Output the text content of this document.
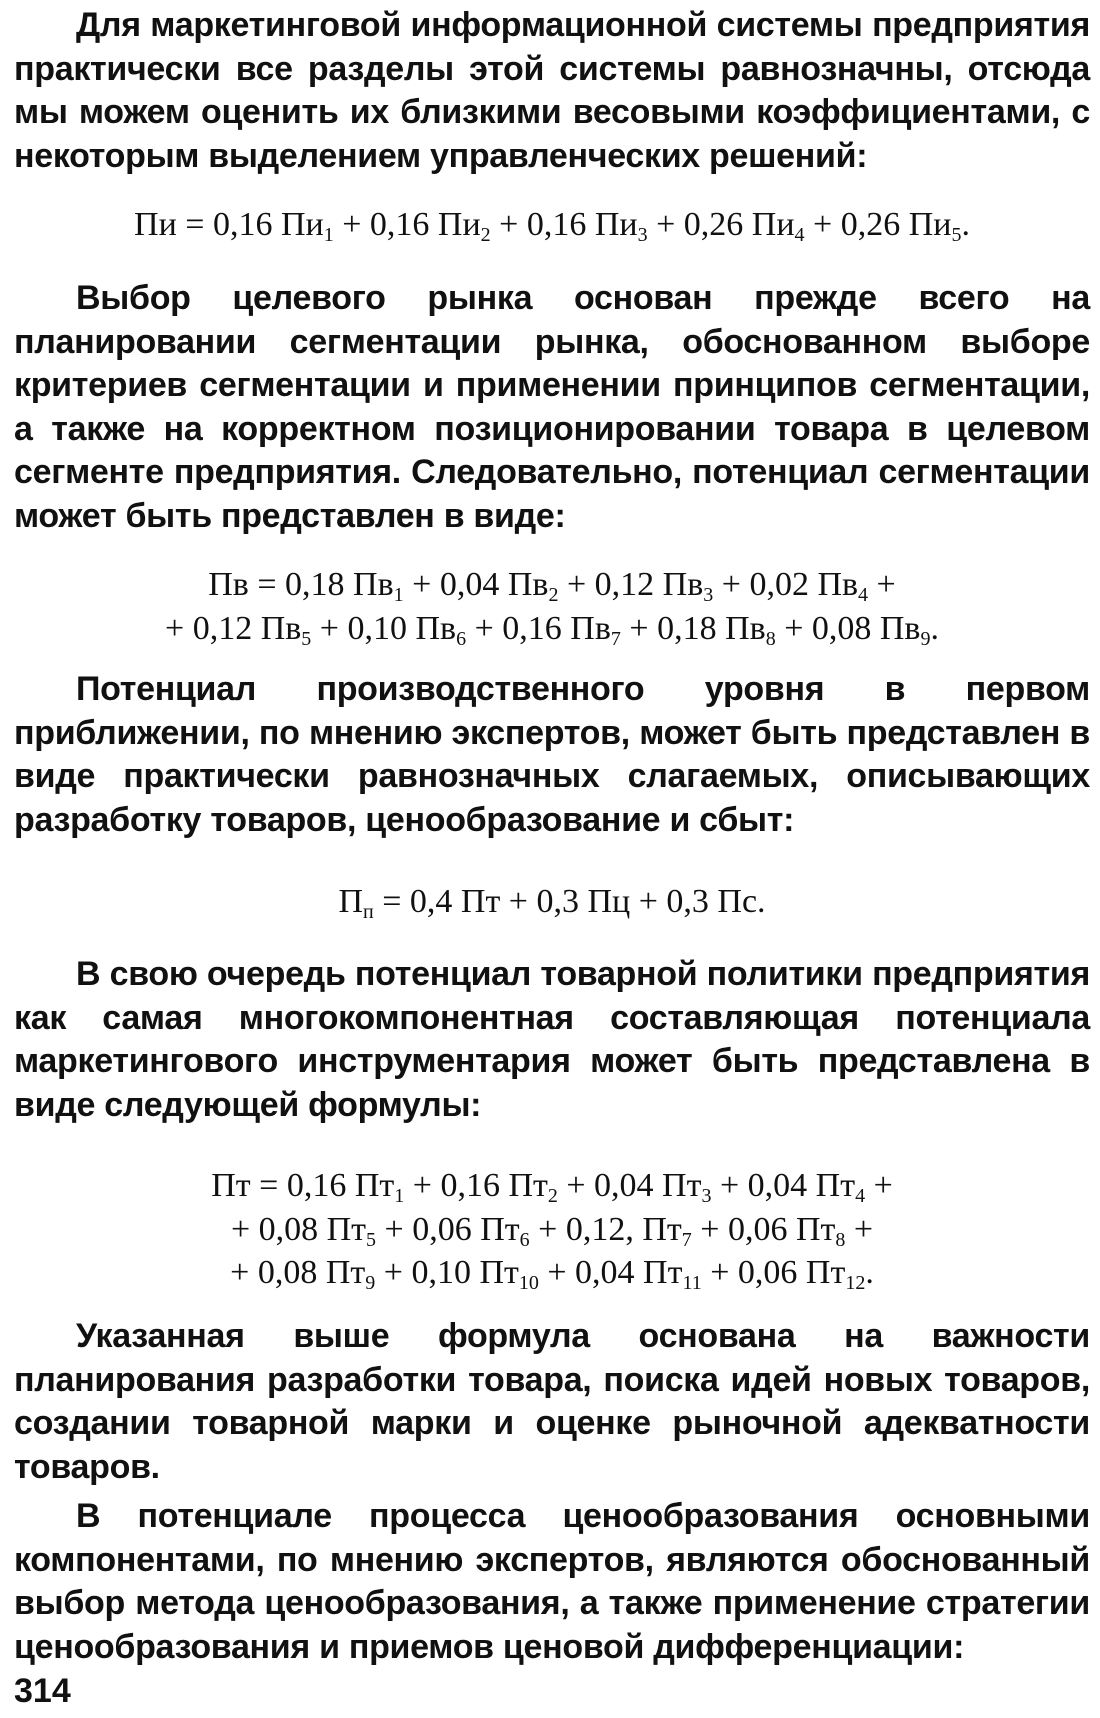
Для маркетинговой информационной системы предприятия практически все разделы этой системы равнозначны, отсюда мы можем оценить их близкими весовыми коэффициентами, с некоторым выделением управленческих решений:

Пи = 0,16 $Пи_1 + 0,16$ $Пи_2 + 0,16$ $Пи_3 + 0,26$ $Пи_4 + 0,26$ $Пи_5$.

Выбор целевого рынка основан прежде всего на планировании сегментации рынка, обоснованном выборе критериев сегментации и применении принципов сегментации, а также на корректном позиционировании товара в целевом сегменте предприятия. Следовательно, потенциал сегментации может быть представлен в виде:

Пв = 0,18 $Пв_1 + 0,04$ $Пв_2 + 0,12$ $Пв_3 + 0,02$ $Пв_4$ +
+ 0,12 $Пв_5 + 0,10$ $Пв_6 + 0,16$ $Пв_7 + 0,18$ $Пв_8 + 0,08$ $Пв_9$.

Потенциал производственного уровня в первом приближении, по мнению экспертов, может быть представлен в виде практически равнозначных слагаемых, описывающих разработку товаров, ценообразование и сбыт:

$П_п = 0,4$ Пт + 0,3 Пц + 0,3 Пс.

В свою очередь потенциал товарной политики предприятия как самая многокомпонентная составляющая потенциала маркетингового инструментария может быть представлена в виде следующей формулы:

Пт = 0,16 $Пт_1 + 0,16$ $Пт_2 + 0,04$ $Пт_3 + 0,04$ $Пт_4$ +
+ 0,08 $Пт_5 + 0,06$ $Пт_6 + 0,12$, $Пт_7 + 0,06$ $Пт_8$ +
+ 0,08 $Пт_9 + 0,10$ $Пт_{10} + 0,04$ $Пт_{11} + 0,06$ $Пт_{12}$.

Указанная выше формула основана на важности планирования разработки товара, поиска идей новых товаров, создании товарной марки и оценке рыночной адекватности товаров.

В потенциале процесса ценообразования основными компонентами, по мнению экспертов, являются обоснованный выбор метода ценообразования, а также применение стратегии ценообразования и приемов ценовой дифференциации:

314
